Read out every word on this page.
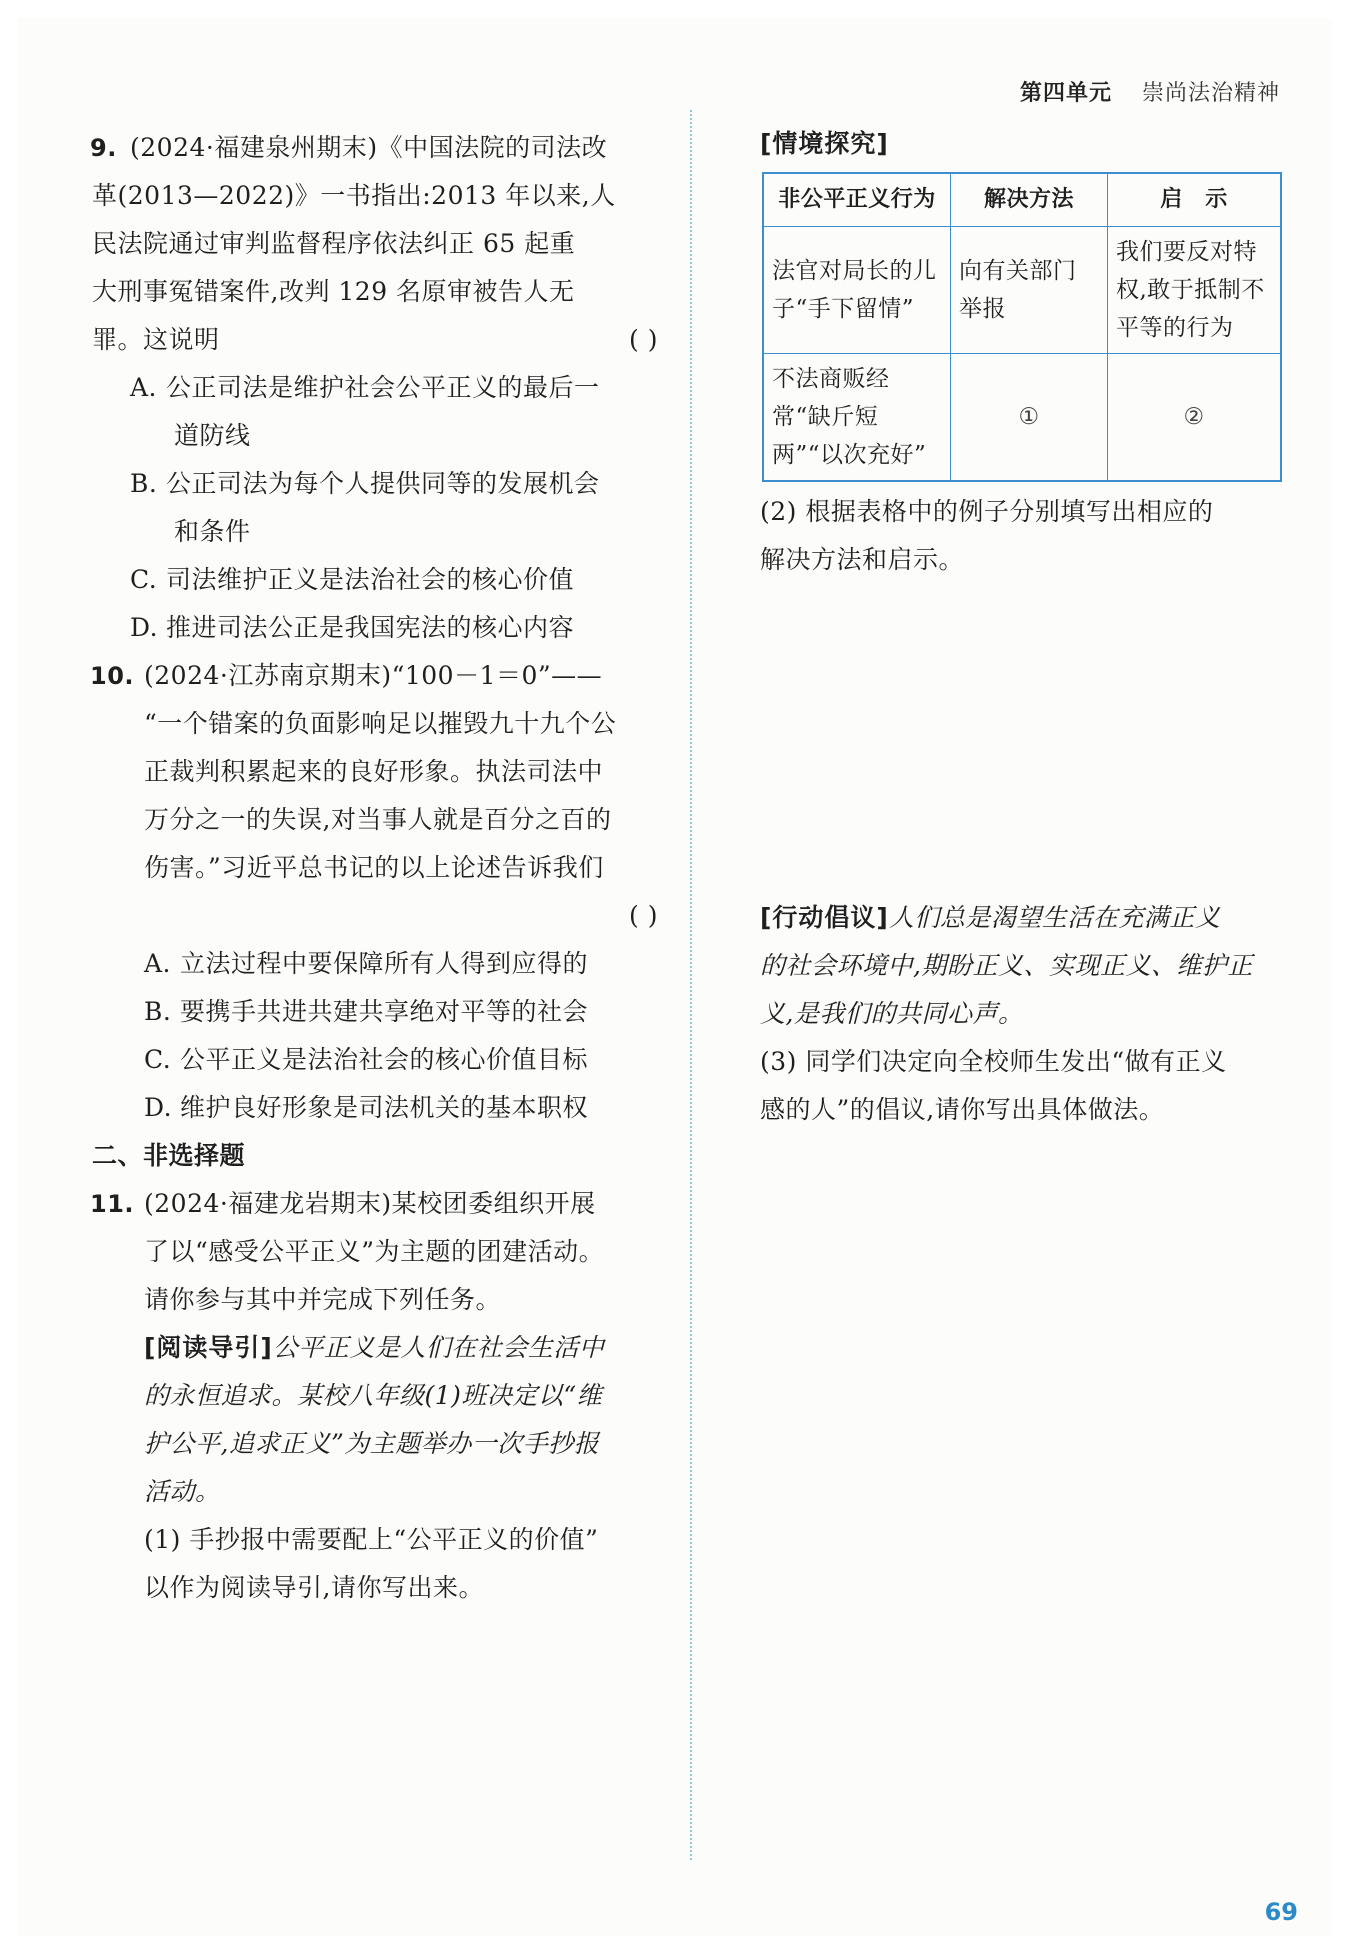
第四单元 崇尚法治精神
9. (2024·福建泉州期末)《中国法院的司法改
革(2013—2022)》一书指出:2013 年以来,人
民法院通过审判监督程序依法纠正 65 起重
大刑事冤错案件,改判 129 名原审被告人无
罪。这说明	( )
A. 公正司法是维护社会公平正义的最后一
道防线
B. 公正司法为每个人提供同等的发展机会
和条件
C. 司法维护正义是法治社会的核心价值
D. 推进司法公正是我国宪法的核心内容
10. (2024·江苏南京期末)“100－1＝0”——
“一个错案的负面影响足以摧毁九十九个公
正裁判积累起来的良好形象。执法司法中
万分之一的失误,对当事人就是百分之百的
伤害。”习近平总书记的以上论述告诉我们
( )
A. 立法过程中要保障所有人得到应得的
B. 要携手共进共建共享绝对平等的社会
C. 公平正义是法治社会的核心价值目标
D. 维护良好形象是司法机关的基本职权
二、非选择题
11. (2024·福建龙岩期末)某校团委组织开展
了以“感受公平正义”为主题的团建活动。
请你参与其中并完成下列任务。
[阅读导引]公平正义是人们在社会生活中
的永恒追求。某校八年级(1)班决定以“维
护公平,追求正义”为主题举办一次手抄报
活动。
(1) 手抄报中需要配上“公平正义的价值”
以作为阅读导引,请你写出来。
[情境探究]
非公平正义行为	解决方法	启　示
法官对局长的儿子“手下留情”	向有关部门举报	我们要反对特权,敢于抵制不平等的行为
不法商贩经常“缺斤短两”“以次充好”	①	②
(2) 根据表格中的例子分别填写出相应的
解决方法和启示。
[行动倡议]人们总是渴望生活在充满正义
的社会环境中,期盼正义、实现正义、维护正
义,是我们的共同心声。
(3) 同学们决定向全校师生发出“做有正义
感的人”的倡议,请你写出具体做法。
69
